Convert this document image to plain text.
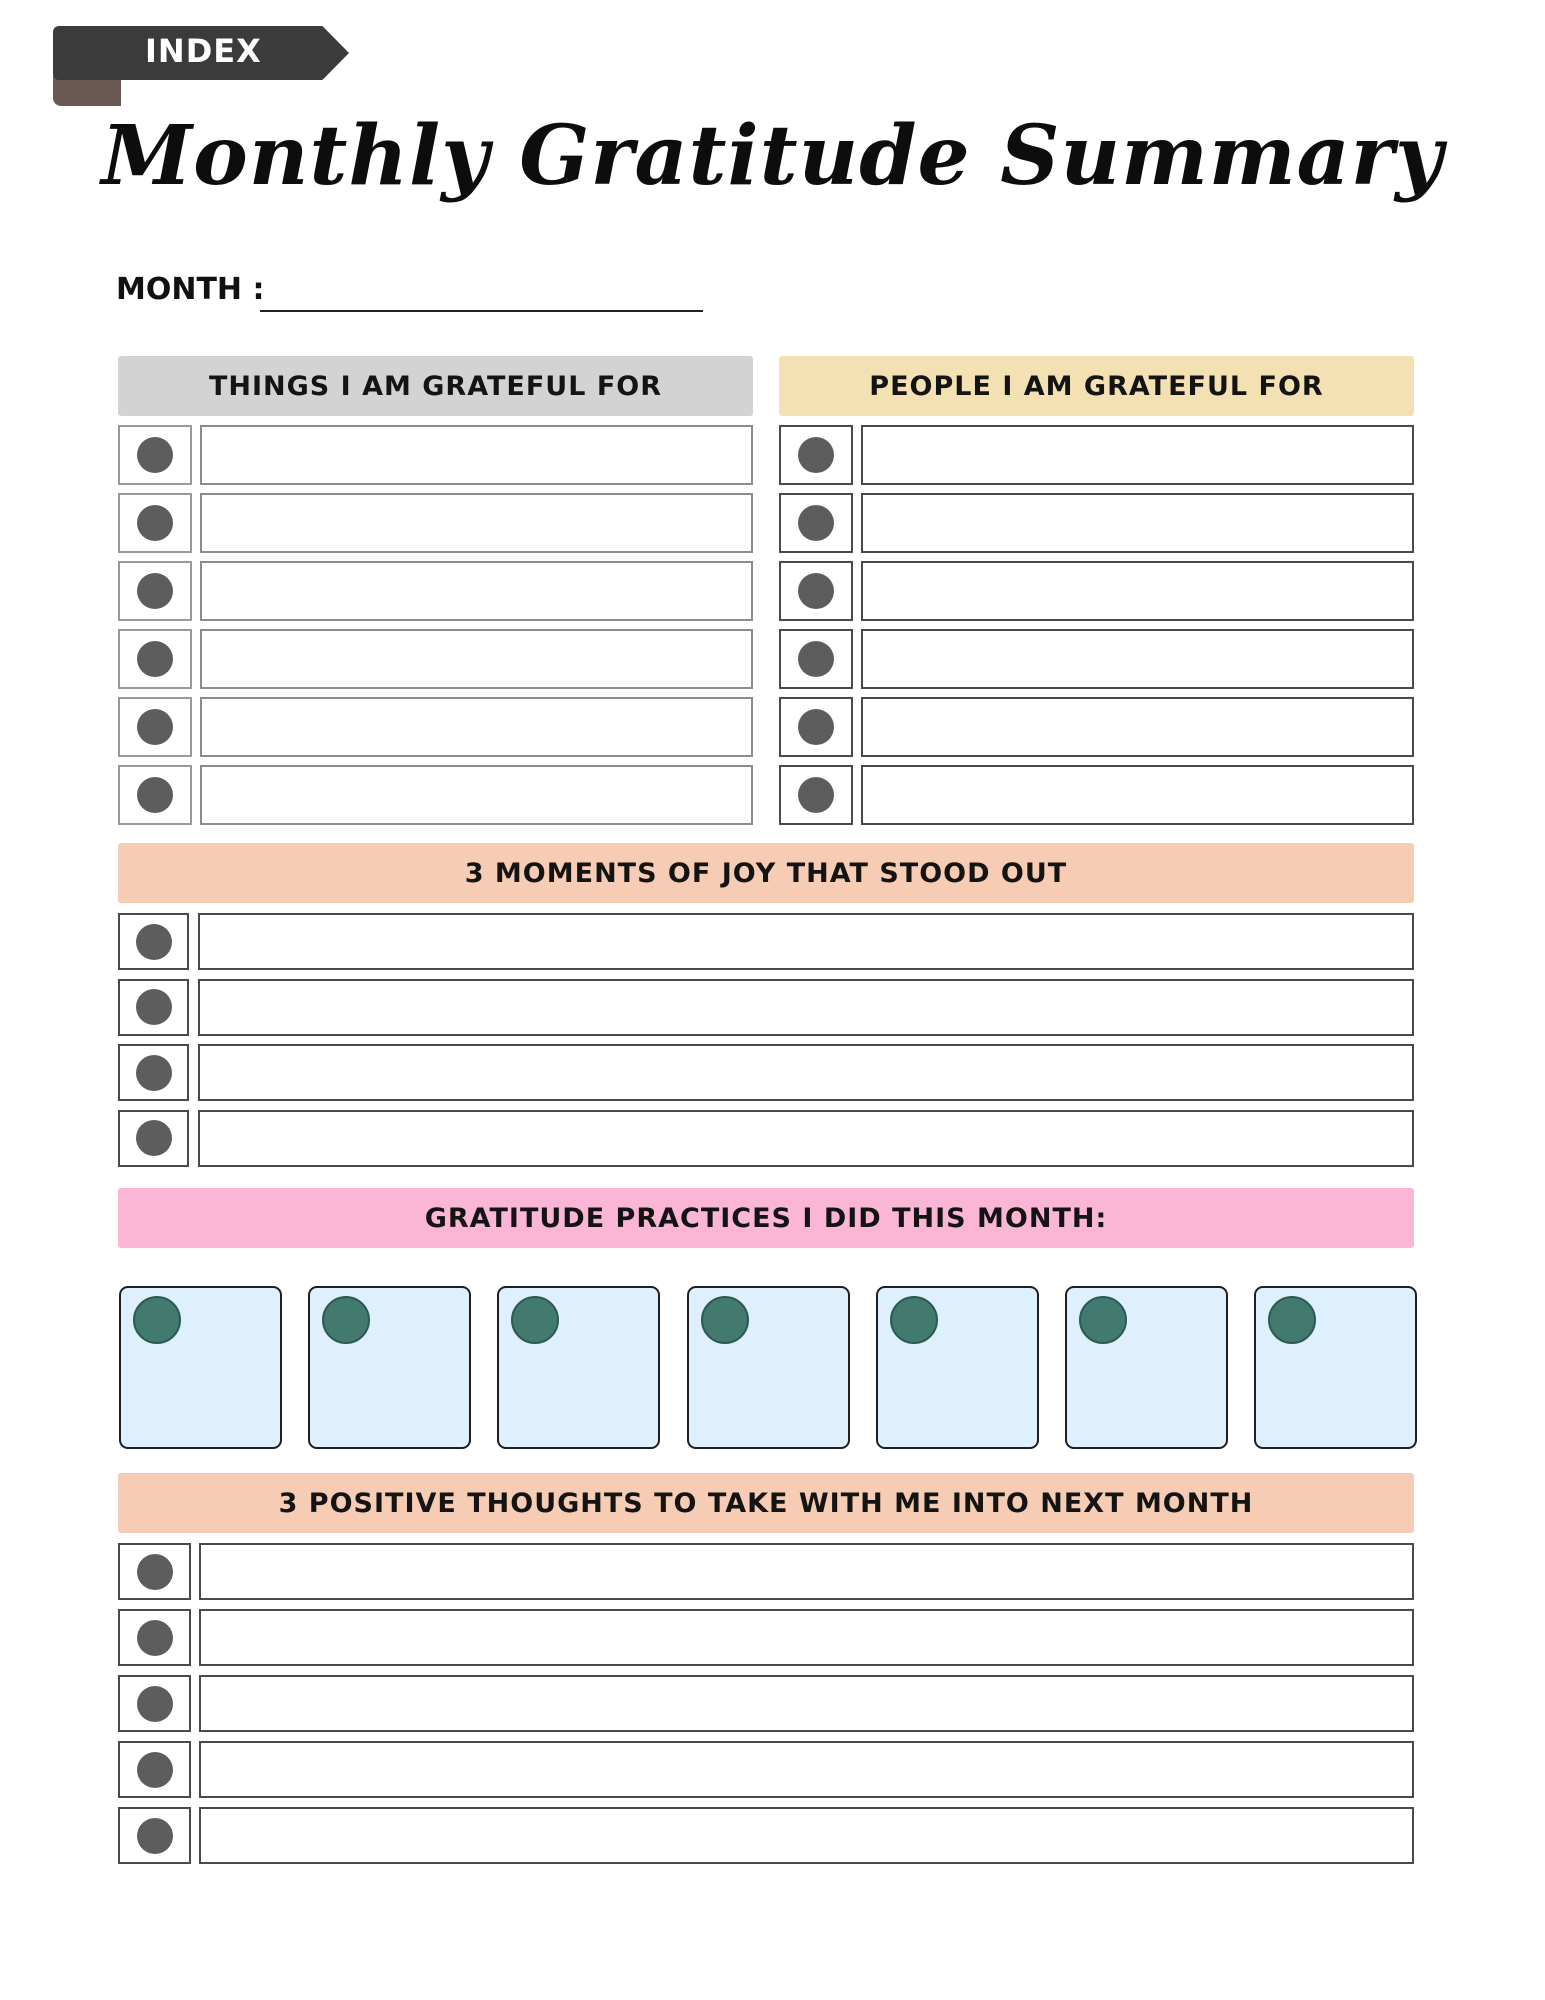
INDEX
Monthly Gratitude Summary
MONTH :
THINGS I AM GRATEFUL FOR	PEOPLE I AM GRATEFUL FOR
3 MOMENTS OF JOY THAT STOOD OUT
GRATITUDE PRACTICES I DID THIS MONTH:
3 POSITIVE THOUGHTS TO TAKE WITH ME INTO NEXT MONTH
